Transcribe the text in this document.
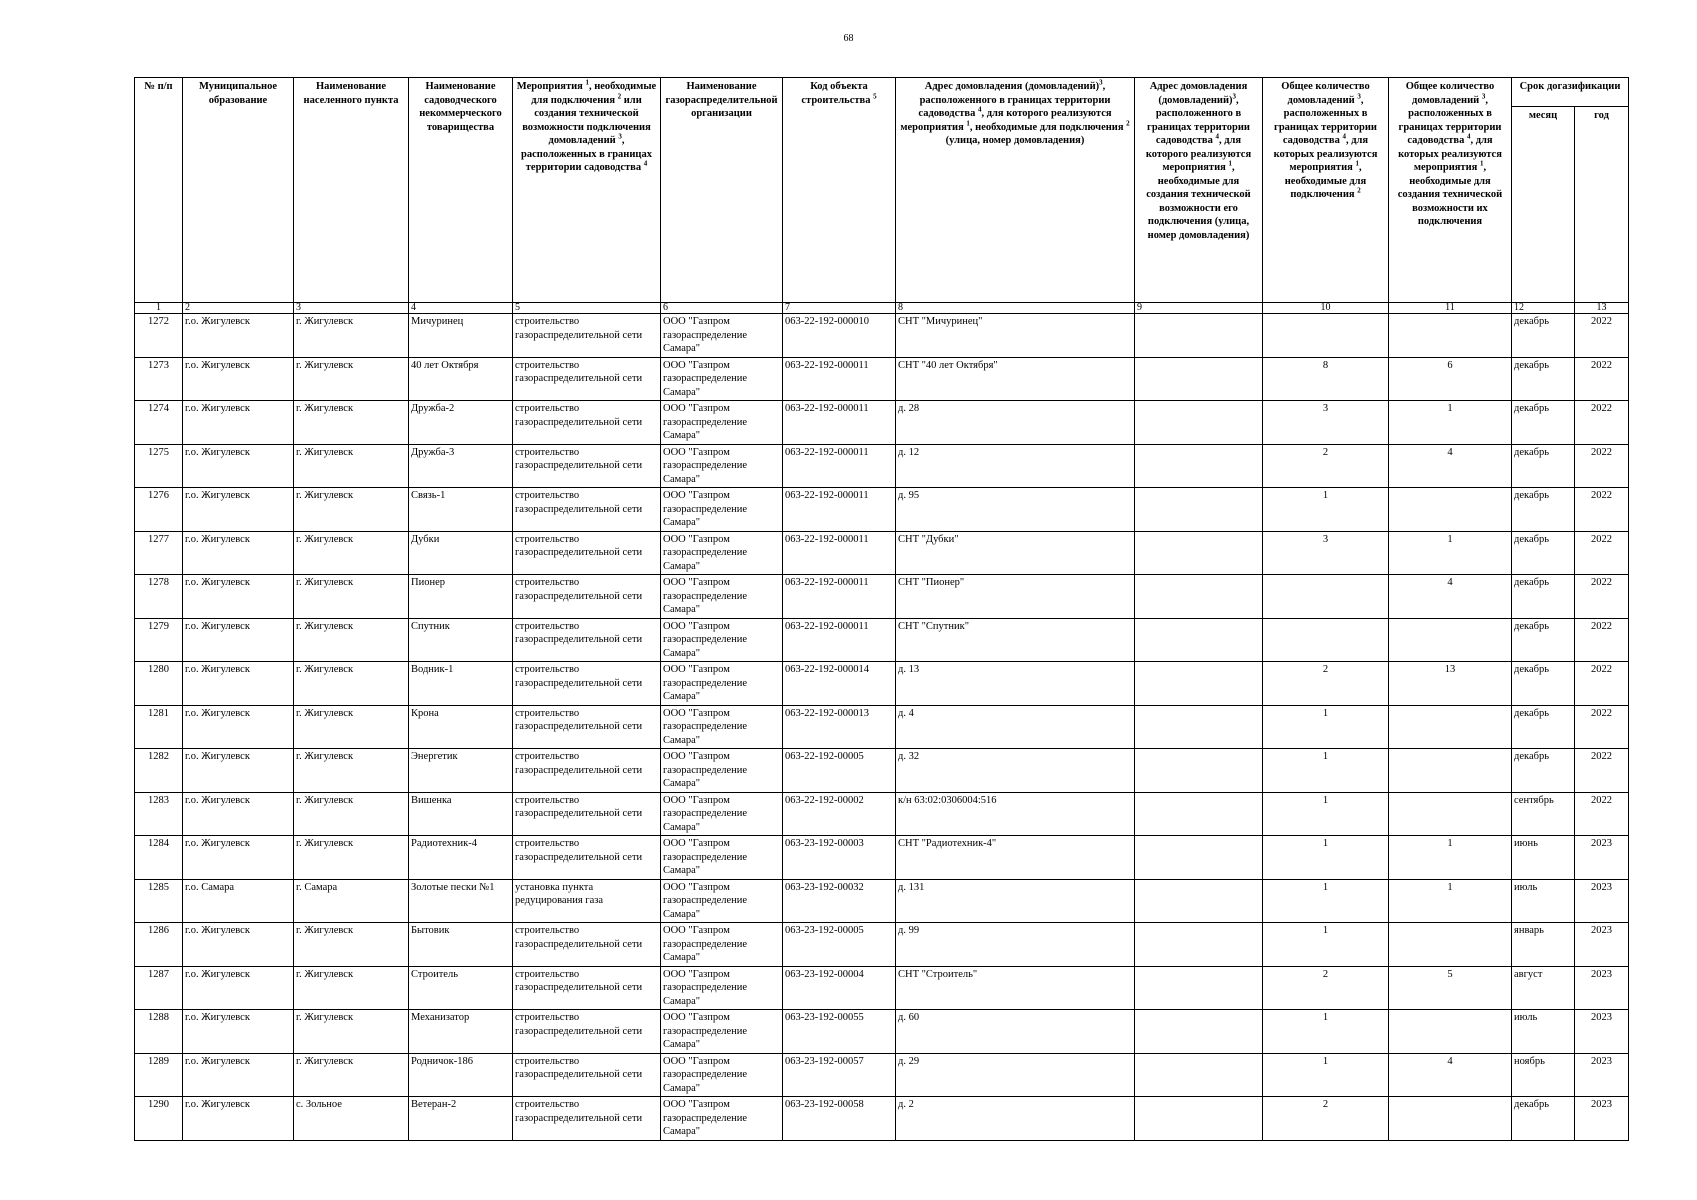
68
№ п/п	Муниципальное образование	Наименование населенного пункта	Наименование садоводческого некоммерческого товарищества	Мероприятия $^1$, необходимые для подключения $^2$ или создания технической возможности подключения домовладений $^3$, расположенных в границах территории садоводства $^4$	Наименование газораспределительной организации	Код объекта строительства $^5$	Адрес домовладения (домовладений)$^3$, расположенного в границах территории садоводства $^4$, для которого реализуются мероприятия $^1$, необходимые для подключения $^2$ (улица, номер домовладения)	Адрес домовладения (домовладений)$^3$, расположенного в границах территории садоводства $^4$, для которого реализуются мероприятия $^1$, необходимые для создания технической возможности его подключения (улица, номер домовладения)	Общее количество домовладений $^3$, расположенных в границах территории садоводства $^4$, для которых реализуются мероприятия $^1$, необходимые для подключения $^2$	Общее количество домовладений $^3$, расположенных в границах территории садоводства $^4$, для которых реализуются мероприятия $^1$, необходимые для создания технической возможности их подключения	Срок догазификации	
											месяц	год
1	2	3	4	5	6	7	8	9	10	11	12	13
1272	г.о. Жигулевск	г. Жигулевск	Мичуринец	строительство газораспределительной сети	ООО "Газпром газораспределение Самара"	063-22-192-000010	СНТ "Мичуринец"				декабрь	2022
1273	г.о. Жигулевск	г. Жигулевск	40 лет Октября	строительство газораспределительной сети	ООО "Газпром газораспределение Самара"	063-22-192-000011	СНТ "40 лет Октября"		8	6	декабрь	2022
1274	г.о. Жигулевск	г. Жигулевск	Дружба-2	строительство газораспределительной сети	ООО "Газпром газораспределение Самара"	063-22-192-000011	д. 28		3	1	декабрь	2022
1275	г.о. Жигулевск	г. Жигулевск	Дружба-3	строительство газораспределительной сети	ООО "Газпром газораспределение Самара"	063-22-192-000011	д. 12		2	4	декабрь	2022
1276	г.о. Жигулевск	г. Жигулевск	Связь-1	строительство газораспределительной сети	ООО "Газпром газораспределение Самара"	063-22-192-000011	д. 95		1		декабрь	2022
1277	г.о. Жигулевск	г. Жигулевск	Дубки	строительство газораспределительной сети	ООО "Газпром газораспределение Самара"	063-22-192-000011	СНТ "Дубки"		3	1	декабрь	2022
1278	г.о. Жигулевск	г. Жигулевск	Пионер	строительство газораспределительной сети	ООО "Газпром газораспределение Самара"	063-22-192-000011	СНТ "Пионер"			4	декабрь	2022
1279	г.о. Жигулевск	г. Жигулевск	Спутник	строительство газораспределительной сети	ООО "Газпром газораспределение Самара"	063-22-192-000011	СНТ "Спутник"				декабрь	2022
1280	г.о. Жигулевск	г. Жигулевск	Водник-1	строительство газораспределительной сети	ООО "Газпром газораспределение Самара"	063-22-192-000014	д. 13		2	13	декабрь	2022
1281	г.о. Жигулевск	г. Жигулевск	Крона	строительство газораспределительной сети	ООО "Газпром газораспределение Самара"	063-22-192-000013	д. 4		1		декабрь	2022
1282	г.о. Жигулевск	г. Жигулевск	Энергетик	строительство газораспределительной сети	ООО "Газпром газораспределение Самара"	063-22-192-00005	д. 32		1		декабрь	2022
1283	г.о. Жигулевск	г. Жигулевск	Вишенка	строительство газораспределительной сети	ООО "Газпром газораспределение Самара"	063-22-192-00002	к/н 63:02:0306004:516		1		сентябрь	2022
1284	г.о. Жигулевск	г. Жигулевск	Радиотехник-4	строительство газораспределительной сети	ООО "Газпром газораспределение Самара"	063-23-192-00003	СНТ "Радиотехник-4"		1	1	июнь	2023
1285	г.о. Самара	г. Самара	Золотые пески №1	установка пункта редуцирования газа	ООО "Газпром газораспределение Самара"	063-23-192-00032	д. 131		1	1	июль	2023
1286	г.о. Жигулевск	г. Жигулевск	Бытовик	строительство газораспределительной сети	ООО "Газпром газораспределение Самара"	063-23-192-00005	д. 99		1		январь	2023
1287	г.о. Жигулевск	г. Жигулевск	Строитель	строительство газораспределительной сети	ООО "Газпром газораспределение Самара"	063-23-192-00004	СНТ "Строитель"		2	5	август	2023
1288	г.о. Жигулевск	г. Жигулевск	Механизатор	строительство газораспределительной сети	ООО "Газпром газораспределение Самара"	063-23-192-00055	д. 60		1		июль	2023
1289	г.о. Жигулевск	г. Жигулевск	Родничок-186	строительство газораспределительной сети	ООО "Газпром газораспределение Самара"	063-23-192-00057	д. 29		1	4	ноябрь	2023
1290	г.о. Жигулевск	с. Зольное	Ветеран-2	строительство газораспределительной сети	ООО "Газпром газораспределение Самара"	063-23-192-00058	д. 2		2		декабрь	2023
